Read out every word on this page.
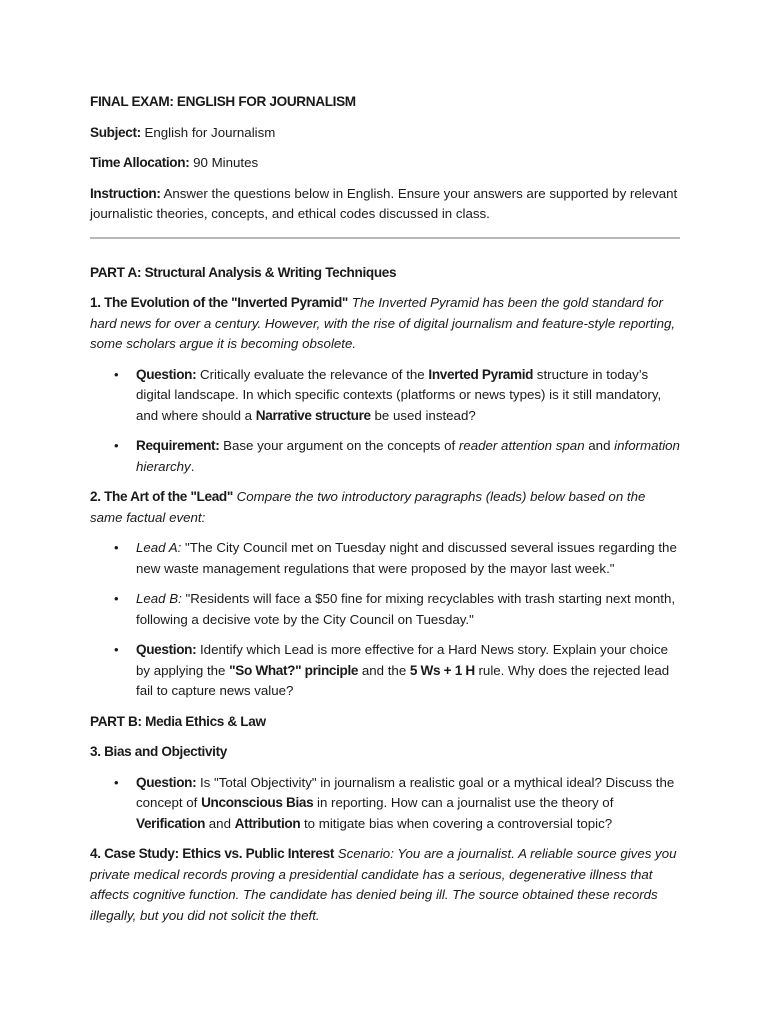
FINAL EXAM: ENGLISH FOR JOURNALISM

Subject: English for Journalism

Time Allocation: 90 Minutes

Instruction: Answer the questions below in English. Ensure your answers are supported by relevant journalistic theories, concepts, and ethical codes discussed in class.

PART A: Structural Analysis & Writing Techniques

1. The Evolution of the "Inverted Pyramid" The Inverted Pyramid has been the gold standard for hard news for over a century. However, with the rise of digital journalism and feature-style reporting, some scholars argue it is becoming obsolete.

• Question: Critically evaluate the relevance of the Inverted Pyramid structure in today’s digital landscape. In which specific contexts (platforms or news types) is it still mandatory, and where should a Narrative structure be used instead?
• Requirement: Base your argument on the concepts of reader attention span and information hierarchy.

2. The Art of the "Lead" Compare the two introductory paragraphs (leads) below based on the same factual event:

• Lead A: "The City Council met on Tuesday night and discussed several issues regarding the new waste management regulations that were proposed by the mayor last week."
• Lead B: "Residents will face a $50 fine for mixing recyclables with trash starting next month, following a decisive vote by the City Council on Tuesday."
• Question: Identify which Lead is more effective for a Hard News story. Explain your choice by applying the "So What?" principle and the 5 Ws + 1 H rule. Why does the rejected lead fail to capture news value?

PART B: Media Ethics & Law

3. Bias and Objectivity

• Question: Is "Total Objectivity" in journalism a realistic goal or a mythical ideal? Discuss the concept of Unconscious Bias in reporting. How can a journalist use the theory of Verification and Attribution to mitigate bias when covering a controversial topic?

4. Case Study: Ethics vs. Public Interest Scenario: You are a journalist. A reliable source gives you private medical records proving a presidential candidate has a serious, degenerative illness that affects cognitive function. The candidate has denied being ill. The source obtained these records illegally, but you did not solicit the theft.
